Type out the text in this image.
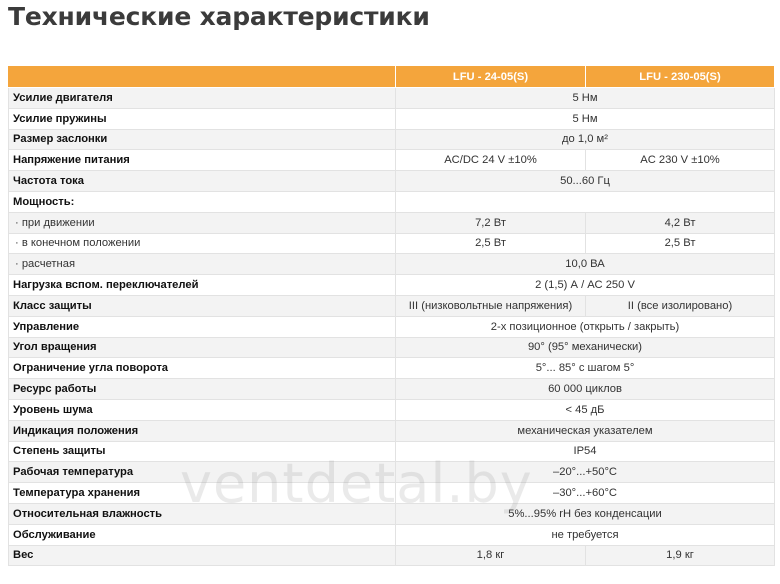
Технические характеристики
	LFU - 24-05(S)	LFU - 230-05(S)
Усилие двигателя	5 Нм	
Усилие пружины	5 Нм	
Размер заслонки	до 1,0 м²	
Напряжение питания	AC/DC 24 V ±10%	AC 230 V ±10%
Частота тока	50...60 Гц	
Мощность:		
· при движении	7,2 Вт	4,2 Вт
· в конечном положении	2,5 Вт	2,5 Вт
· расчетная	10,0 ВА	
Нагрузка вспом. переключателей	2 (1,5) А / АС 250 V	
Класс защиты	III (низковольтные напряжения)	II (все изолировано)
Управление	2-х позиционное (открыть / закрыть)	
Угол вращения	90° (95° механически)	
Ограничение угла поворота	5°... 85° с шагом 5°	
Ресурс работы	60 000 циклов	
Уровень шума	< 45 дБ	
Индикация положения	механическая указателем	
Степень защиты	IP54	
Рабочая температура	–20°...+50°С	
Температура хранения	–30°...+60°С	
Относительная влажность	5%...95% rH без конденсации	
Обслуживание	не требуется	
Вес	1,8 кг	1,9 кг
